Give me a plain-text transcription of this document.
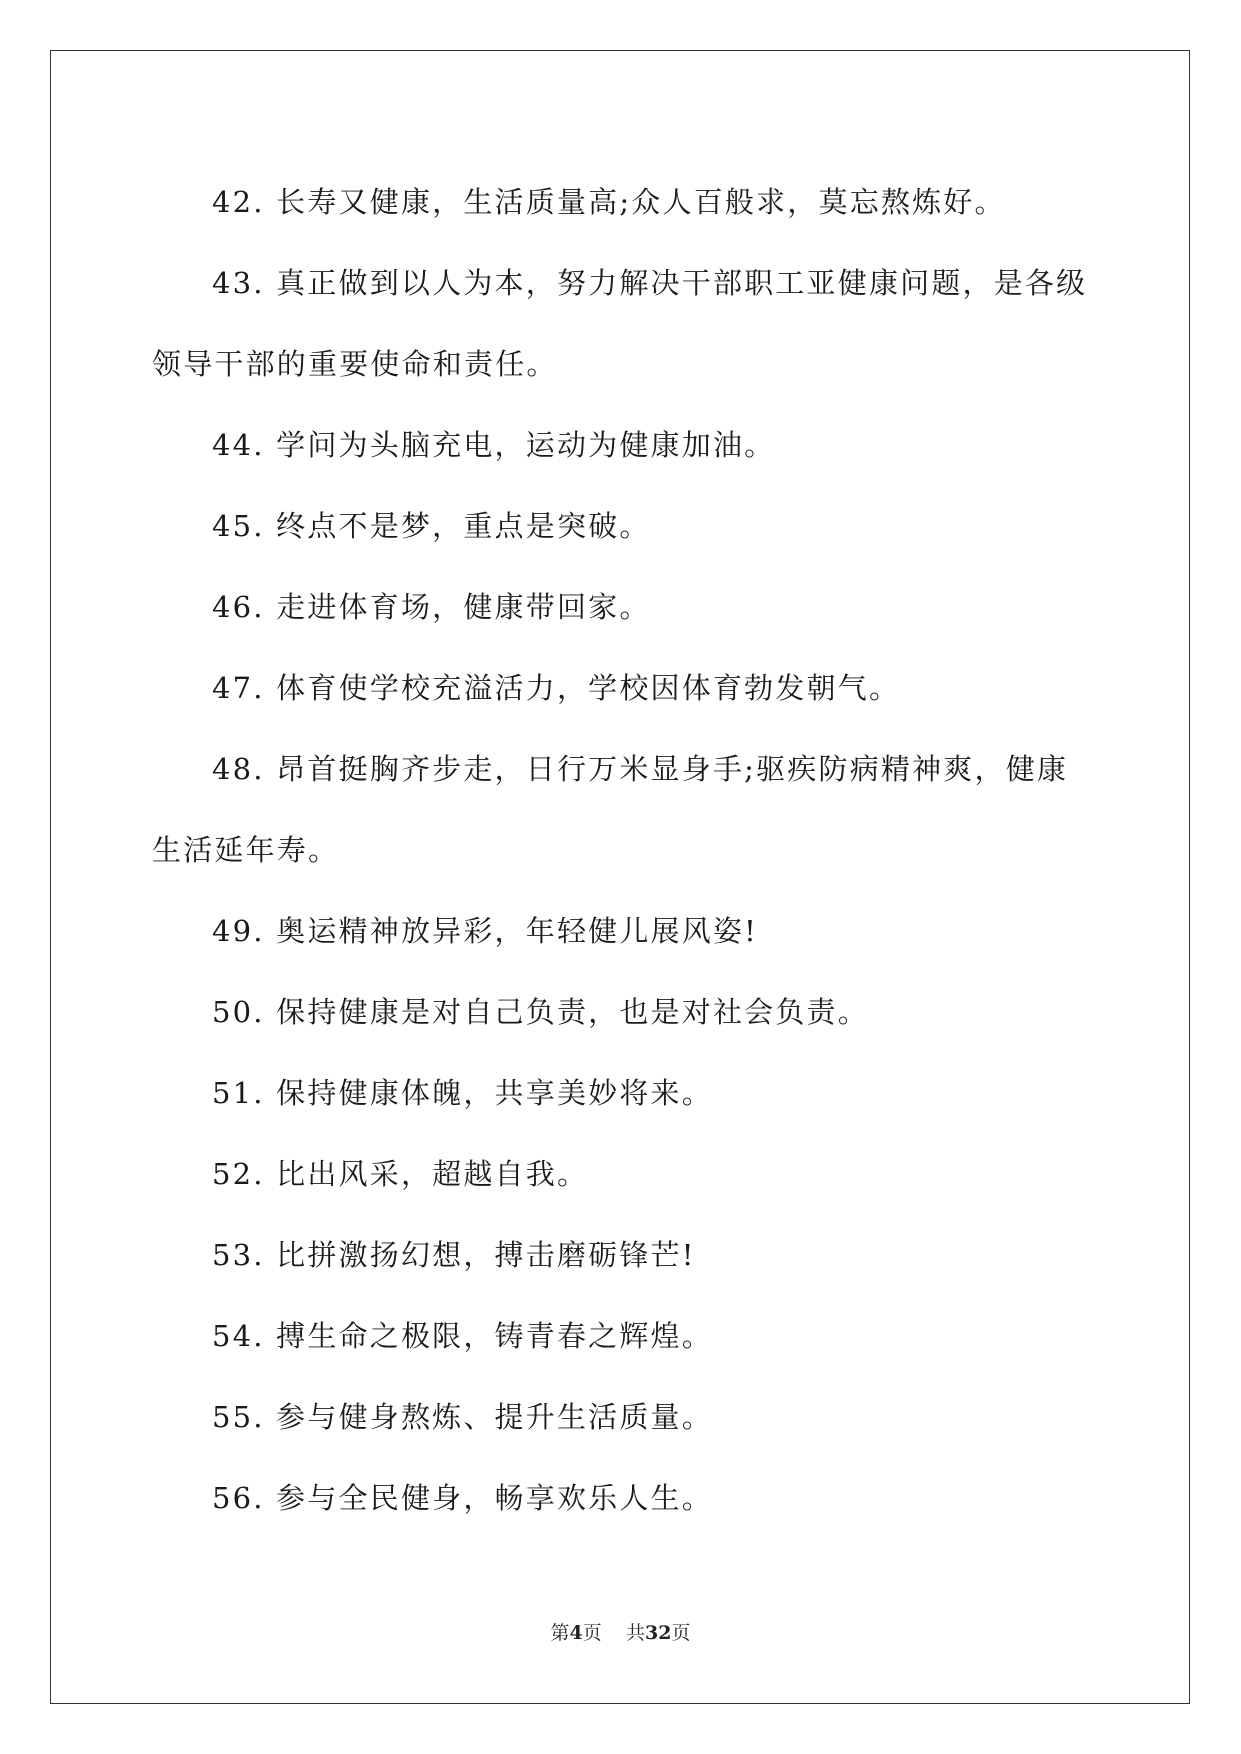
42. 长寿又健康，生活质量高;众人百般求，莫忘熬炼好。

43. 真正做到以人为本，努力解决干部职工亚健康问题，是各级领导干部的重要使命和责任。

44. 学问为头脑充电，运动为健康加油。

45. 终点不是梦，重点是突破。

46. 走进体育场，健康带回家。

47. 体育使学校充溢活力，学校因体育勃发朝气。

48. 昂首挺胸齐步走，日行万米显身手;驱疾防病精神爽，健康生活延年寿。

49. 奥运精神放异彩，年轻健儿展风姿!

50. 保持健康是对自己负责，也是对社会负责。

51. 保持健康体魄，共享美妙将来。

52. 比出风采，超越自我。

53. 比拼激扬幻想，搏击磨砺锋芒!

54. 搏生命之极限，铸青春之辉煌。

55. 参与健身熬炼、提升生活质量。

56. 参与全民健身，畅享欢乐人生。

第4页 共32页
